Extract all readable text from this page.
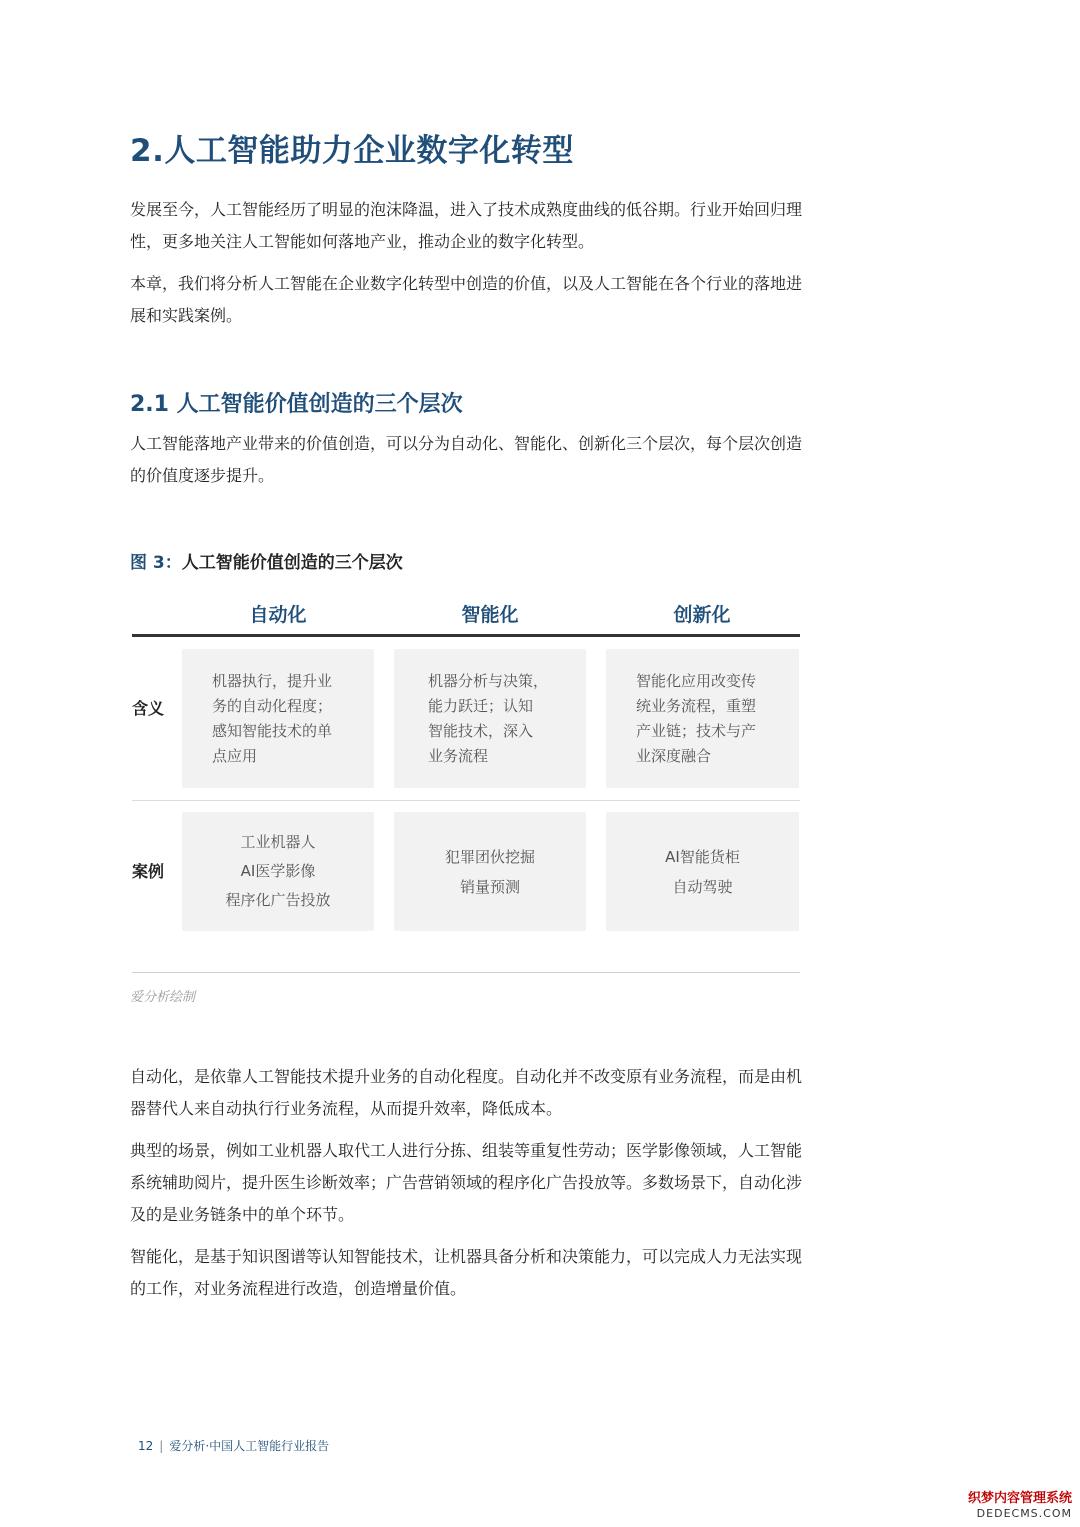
2.人工智能助力企业数字化转型

发展至今，人工智能经历了明显的泡沫降温，进入了技术成熟度曲线的低谷期。行业开始回归理性，更多地关注人工智能如何落地产业，推动企业的数字化转型。

本章，我们将分析人工智能在企业数字化转型中创造的价值，以及人工智能在各个行业的落地进展和实践案例。

2.1 人工智能价值创造的三个层次

人工智能落地产业带来的价值创造，可以分为自动化、智能化、创新化三个层次，每个层次创造的价值度逐步提升。

图 3：人工智能价值创造的三个层次
自动化	智能化	创新化
含义
机器执行，提升业
务的自动化程度；
感知智能技术的单
点应用
机器分析与决策，
能力跃迁；认知
智能技术，深入
业务流程
智能化应用改变传
统业务流程，重塑
产业链；技术与产
业深度融合
案例
工业机器人
AI医学影像
程序化广告投放
犯罪团伙挖掘
销量预测
AI智能货柜
自动驾驶
爱分析绘制

自动化，是依靠人工智能技术提升业务的自动化程度。自动化并不改变原有业务流程，而是由机器替代人来自动执行行业务流程，从而提升效率，降低成本。

典型的场景，例如工业机器人取代工人进行分拣、组装等重复性劳动；医学影像领域，人工智能系统辅助阅片，提升医生诊断效率；广告营销领域的程序化广告投放等。多数场景下，自动化涉及的是业务链条中的单个环节。

智能化，是基于知识图谱等认知智能技术，让机器具备分析和决策能力，可以完成人力无法实现的工作，对业务流程进行改造，创造增量价值。

12 | 爱分析·中国人工智能行业报告
织梦内容管理系统
DEDECMS.COM
